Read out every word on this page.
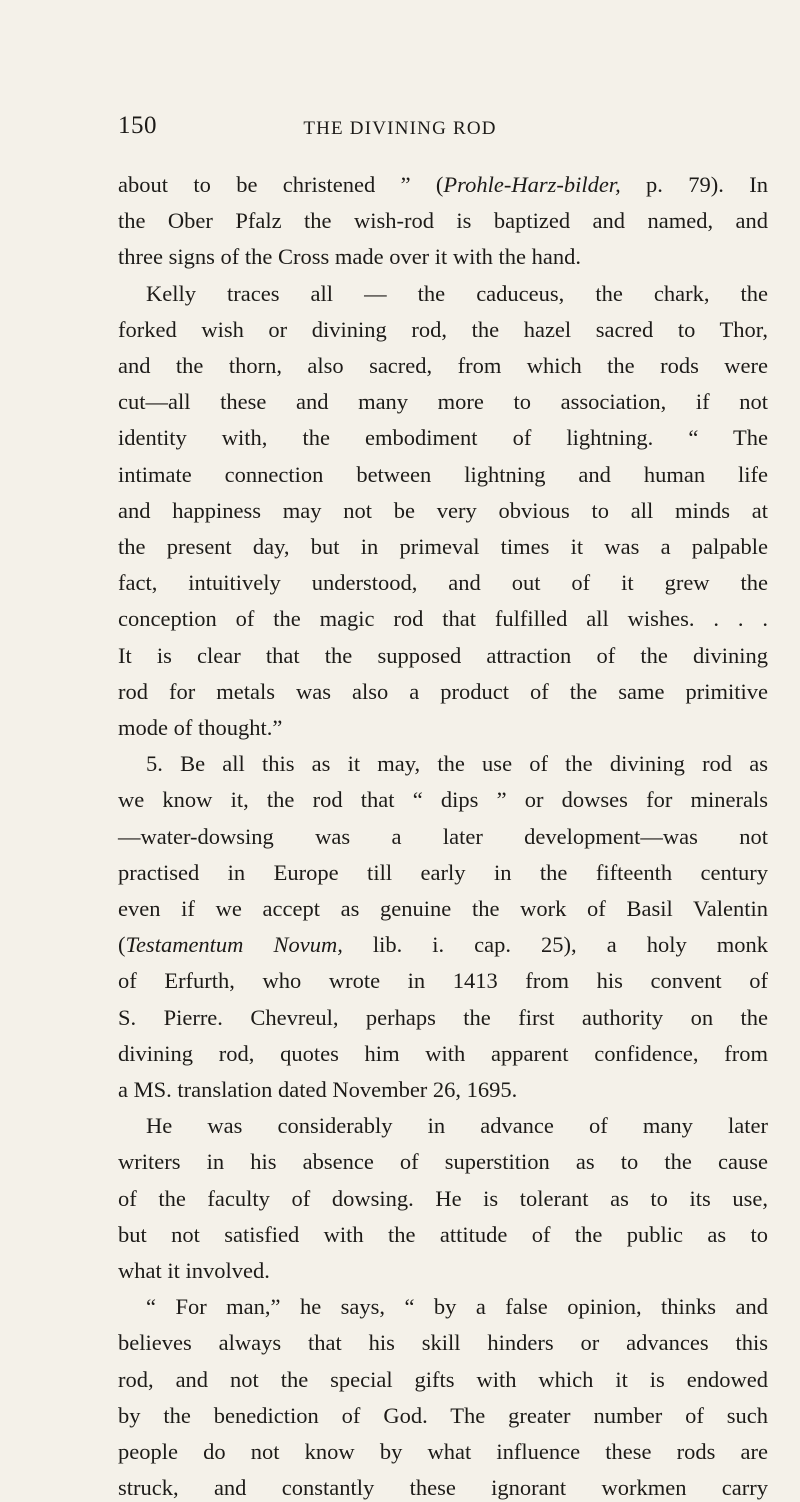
150	THE DIVINING ROD
about to be christened ” (Prohle-Harz-bilder, p. 79). In
the Ober Pfalz the wish-rod is baptized and named, and
three signs of the Cross made over it with the hand.
Kelly traces all — the caduceus, the chark, the
forked wish or divining rod, the hazel sacred to Thor,
and the thorn, also sacred, from which the rods were
cut—all these and many more to association, if not
identity with, the embodiment of lightning. “ The
intimate connection between lightning and human life
and happiness may not be very obvious to all minds at
the present day, but in primeval times it was a palpable
fact, intuitively understood, and out of it grew the
conception of the magic rod that fulfilled all wishes. . . .
It is clear that the supposed attraction of the divining
rod for metals was also a product of the same primitive
mode of thought.”
5. Be all this as it may, the use of the divining rod as
we know it, the rod that “ dips ” or dowses for minerals
—water-dowsing was a later development—was not
practised in Europe till early in the fifteenth century
even if we accept as genuine the work of Basil Valentin
(Testamentum Novum, lib. i. cap. 25), a holy monk
of Erfurth, who wrote in 1413 from his convent of
S. Pierre. Chevreul, perhaps the first authority on the
divining rod, quotes him with apparent confidence, from
a MS. translation dated November 26, 1695.
He was considerably in advance of many later
writers in his absence of superstition as to the cause
of the faculty of dowsing. He is tolerant as to its use,
but not satisfied with the attitude of the public as to
what it involved.
“ For man,” he says, “ by a false opinion, thinks and
believes always that his skill hinders or advances this
rod, and not the special gifts with which it is endowed
by the benediction of God. The greater number of such
people do not know by what influence these rods are
struck, and constantly these ignorant workmen carry
